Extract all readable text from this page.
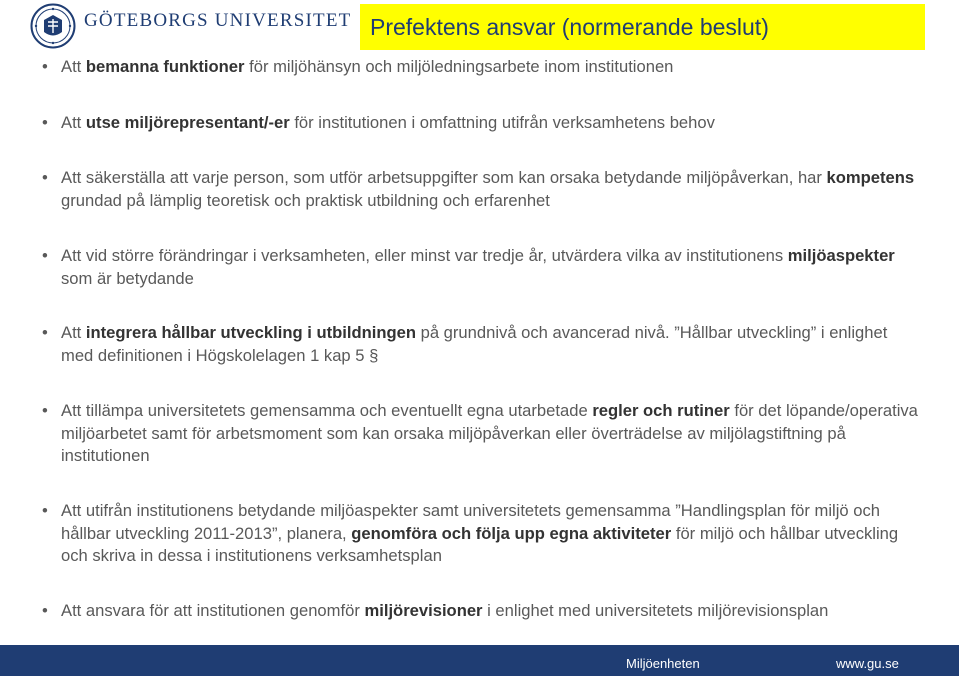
GÖTEBORGS UNIVERSITET Prefektens ansvar (normerande beslut)
• Att bemanna funktioner för miljöhänsyn och miljöledningsarbete inom institutionen
• Att utse miljörepresentant/-er för institutionen i omfattning utifrån verksamhetens behov
• Att säkerställa att varje person, som utför arbetsuppgifter som kan orsaka betydande miljöpåverkan, har kompetens grundad på lämplig teoretisk och praktisk utbildning och erfarenhet
• Att vid större förändringar i verksamheten, eller minst var tredje år, utvärdera vilka av institutionens miljöaspekter som är betydande
• Att integrera hållbar utveckling i utbildningen på grundnivå och avancerad nivå. ”Hållbar utveckling” i enlighet med definitionen i Högskolelagen 1 kap 5 §
• Att tillämpa universitetets gemensamma och eventuellt egna utarbetade regler och rutiner för det löpande/operativa miljöarbetet samt för arbetsmoment som kan orsaka miljöpåverkan eller överträdelse av miljölagstiftning på institutionen
• Att utifrån institutionens betydande miljöaspekter samt universitetets gemensamma ”Handlingsplan för miljö och hållbar utveckling 2011-2013”, planera, genomföra och följa upp egna aktiviteter för miljö och hållbar utveckling och skriva in dessa i institutionens verksamhetsplan
• Att ansvara för att institutionen genomför miljörevisioner i enlighet med universitetets miljörevisionsplan
Miljöenheten	www.gu.se
